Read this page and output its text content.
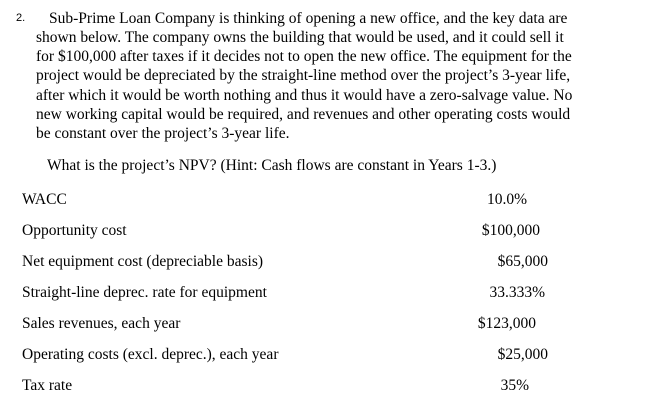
2. Sub-Prime Loan Company is thinking of opening a new office, and the key data are
shown below. The company owns the building that would be used, and it could sell it
for $100,000 after taxes if it decides not to open the new office. The equipment for the
project would be depreciated by the straight-line method over the project’s 3-year life,
after which it would be worth nothing and thus it would have a zero-salvage value. No
new working capital would be required, and revenues and other operating costs would
be constant over the project’s 3-year life.
What is the project’s NPV? (Hint: Cash flows are constant in Years 1-3.)
WACC	10.0%
Opportunity cost	$100,000
Net equipment cost (depreciable basis)	$65,000
Straight-line deprec. rate for equipment	33.333%
Sales revenues, each year	$123,000
Operating costs (excl. deprec.), each year	$25,000
Tax rate	35%
